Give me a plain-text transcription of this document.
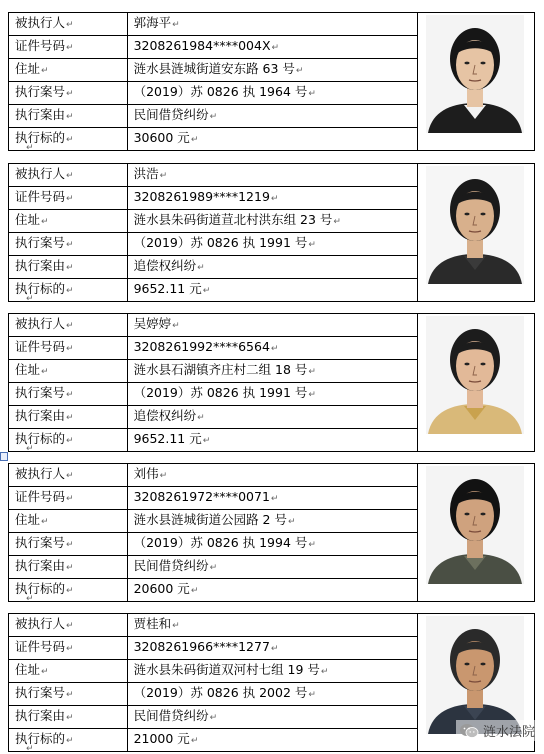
被执行人↵	郭海平↵	

证件号码↵	3208261984****004X↵	
住址↵	涟水县涟城街道安东路 63 号↵	
执行案号↵	（2019）苏 0826 执 1964 号↵	
执行案由↵	民间借贷纠纷↵	
执行标的↵	30600 元↵	
↵
被执行人↵	洪浩↵	

证件号码↵	3208261989****1219↵	
住址↵	涟水县朱码街道荁北村洪东组 23 号↵	
执行案号↵	（2019）苏 0826 执 1991 号↵	
执行案由↵	追偿权纠纷↵	
执行标的↵	9652.11 元↵	
↵
被执行人↵	吴婷婷↵	

证件号码↵	3208261992****6564↵	
住址↵	涟水县石湖镇齐庄村二组 18 号↵	
执行案号↵	（2019）苏 0826 执 1991 号↵	
执行案由↵	追偿权纠纷↵	
执行标的↵	9652.11 元↵	
↵
被执行人↵	刘伟↵	

证件号码↵	3208261972****0071↵	
住址↵	涟水县涟城街道公园路 2 号↵	
执行案号↵	（2019）苏 0826 执 1994 号↵	
执行案由↵	民间借贷纠纷↵	
执行标的↵	20600 元↵	
↵
被执行人↵	贾桂和↵	

证件号码↵	3208261966****1277↵	
住址↵	涟水县朱码街道双河村七组 19 号↵	
执行案号↵	（2019）苏 0826 执 2002 号↵	
执行案由↵	民间借贷纠纷↵	
执行标的↵	21000 元↵	
↵
涟水法院
